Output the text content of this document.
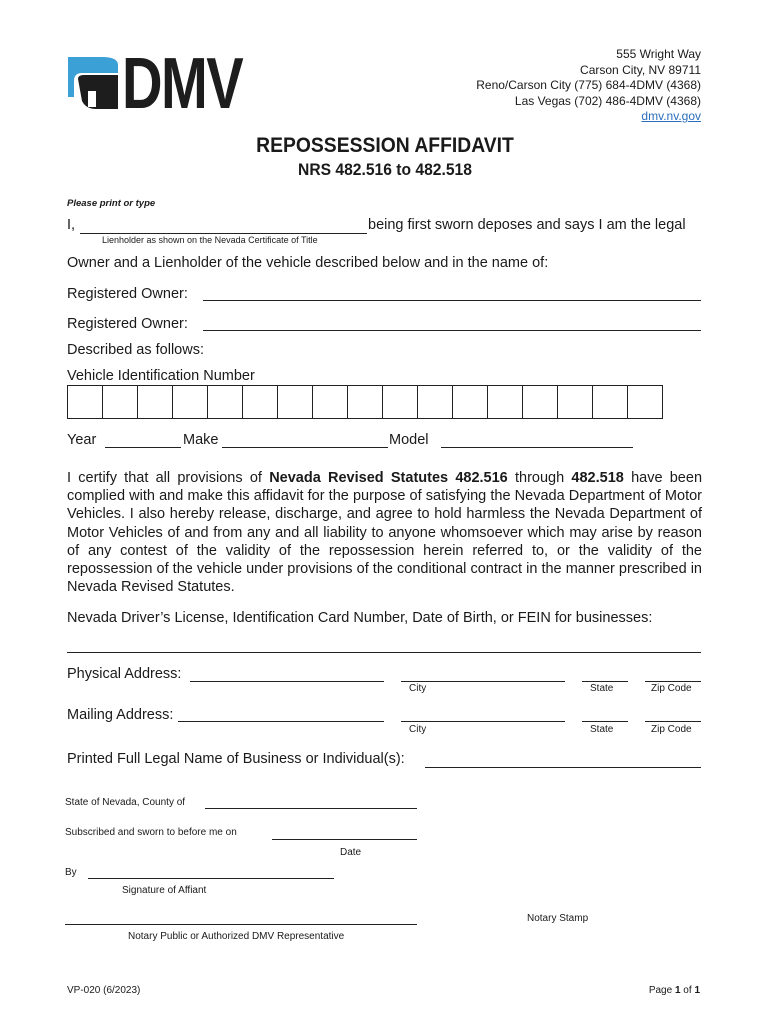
DMV	555 Wright Way
Carson City, NV 89711
Reno/Carson City (775) 684-4DMV (4368)
Las Vegas (702) 486-4DMV (4368)
dmv.nv.gov
REPOSSESSION AFFIDAVIT
NRS 482.516 to 482.518
Please print or type
I,	being first sworn deposes and says I am the legal
Lienholder as shown on the Nevada Certificate of Title
Owner and a Lienholder of the vehicle described below and in the name of:
Registered Owner:
Registered Owner:
Described as follows:
Vehicle Identification Number
Year	Make	Model
I certify that all provisions of Nevada Revised Statutes 482.516 through 482.518 have been complied with and make this affidavit for the purpose of satisfying the Nevada Department of Motor Vehicles. I also hereby release, discharge, and agree to hold harmless the Nevada Department of Motor Vehicles of and from any and all liability to anyone whomsoever which may arise by reason of any contest of the validity of the repossession herein referred to, or the validity of the repossession of the vehicle under provisions of the conditional contract in the manner prescribed in Nevada Revised Statutes.
Nevada Driver’s License, Identification Card Number, Date of Birth, or FEIN for businesses:
Physical Address:
City	State	Zip Code
Mailing Address:
City	State	Zip Code
Printed Full Legal Name of Business or Individual(s):
State of Nevada, County of
Subscribed and sworn to before me on
Date
By
Signature of Affiant
Notary Stamp
Notary Public or Authorized DMV Representative
VP-020 (6/2023)	Page 1 of 1
